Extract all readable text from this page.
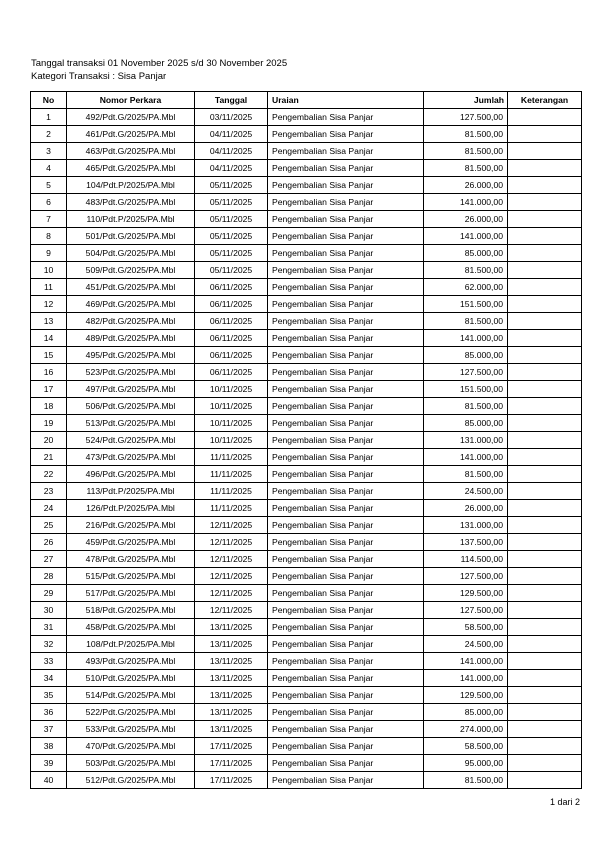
Tanggal transaksi 01 November 2025 s/d 30 November 2025
Kategori Transaksi : Sisa Panjar
No	Nomor Perkara	Tanggal	Uraian	Jumlah	Keterangan
1	492/Pdt.G/2025/PA.Mbl	03/11/2025	Pengembalian Sisa Panjar	127.500,00	
2	461/Pdt.G/2025/PA.Mbl	04/11/2025	Pengembalian Sisa Panjar	81.500,00	
3	463/Pdt.G/2025/PA.Mbl	04/11/2025	Pengembalian Sisa Panjar	81.500,00	
4	465/Pdt.G/2025/PA.Mbl	04/11/2025	Pengembalian Sisa Panjar	81.500,00	
5	104/Pdt.P/2025/PA.Mbl	05/11/2025	Pengembalian Sisa Panjar	26.000,00	
6	483/Pdt.G/2025/PA.Mbl	05/11/2025	Pengembalian Sisa Panjar	141.000,00	
7	110/Pdt.P/2025/PA.Mbl	05/11/2025	Pengembalian Sisa Panjar	26.000,00	
8	501/Pdt.G/2025/PA.Mbl	05/11/2025	Pengembalian Sisa Panjar	141.000,00	
9	504/Pdt.G/2025/PA.Mbl	05/11/2025	Pengembalian Sisa Panjar	85.000,00	
10	509/Pdt.G/2025/PA.Mbl	05/11/2025	Pengembalian Sisa Panjar	81.500,00	
11	451/Pdt.G/2025/PA.Mbl	06/11/2025	Pengembalian Sisa Panjar	62.000,00	
12	469/Pdt.G/2025/PA.Mbl	06/11/2025	Pengembalian Sisa Panjar	151.500,00	
13	482/Pdt.G/2025/PA.Mbl	06/11/2025	Pengembalian Sisa Panjar	81.500,00	
14	489/Pdt.G/2025/PA.Mbl	06/11/2025	Pengembalian Sisa Panjar	141.000,00	
15	495/Pdt.G/2025/PA.Mbl	06/11/2025	Pengembalian Sisa Panjar	85.000,00	
16	523/Pdt.G/2025/PA.Mbl	06/11/2025	Pengembalian Sisa Panjar	127.500,00	
17	497/Pdt.G/2025/PA.Mbl	10/11/2025	Pengembalian Sisa Panjar	151.500,00	
18	506/Pdt.G/2025/PA.Mbl	10/11/2025	Pengembalian Sisa Panjar	81.500,00	
19	513/Pdt.G/2025/PA.Mbl	10/11/2025	Pengembalian Sisa Panjar	85.000,00	
20	524/Pdt.G/2025/PA.Mbl	10/11/2025	Pengembalian Sisa Panjar	131.000,00	
21	473/Pdt.G/2025/PA.Mbl	11/11/2025	Pengembalian Sisa Panjar	141.000,00	
22	496/Pdt.G/2025/PA.Mbl	11/11/2025	Pengembalian Sisa Panjar	81.500,00	
23	113/Pdt.P/2025/PA.Mbl	11/11/2025	Pengembalian Sisa Panjar	24.500,00	
24	126/Pdt.P/2025/PA.Mbl	11/11/2025	Pengembalian Sisa Panjar	26.000,00	
25	216/Pdt.G/2025/PA.Mbl	12/11/2025	Pengembalian Sisa Panjar	131.000,00	
26	459/Pdt.G/2025/PA.Mbl	12/11/2025	Pengembalian Sisa Panjar	137.500,00	
27	478/Pdt.G/2025/PA.Mbl	12/11/2025	Pengembalian Sisa Panjar	114.500,00	
28	515/Pdt.G/2025/PA.Mbl	12/11/2025	Pengembalian Sisa Panjar	127.500,00	
29	517/Pdt.G/2025/PA.Mbl	12/11/2025	Pengembalian Sisa Panjar	129.500,00	
30	518/Pdt.G/2025/PA.Mbl	12/11/2025	Pengembalian Sisa Panjar	127.500,00	
31	458/Pdt.G/2025/PA.Mbl	13/11/2025	Pengembalian Sisa Panjar	58.500,00	
32	108/Pdt.P/2025/PA.Mbl	13/11/2025	Pengembalian Sisa Panjar	24.500,00	
33	493/Pdt.G/2025/PA.Mbl	13/11/2025	Pengembalian Sisa Panjar	141.000,00	
34	510/Pdt.G/2025/PA.Mbl	13/11/2025	Pengembalian Sisa Panjar	141.000,00	
35	514/Pdt.G/2025/PA.Mbl	13/11/2025	Pengembalian Sisa Panjar	129.500,00	
36	522/Pdt.G/2025/PA.Mbl	13/11/2025	Pengembalian Sisa Panjar	85.000,00	
37	533/Pdt.G/2025/PA.Mbl	13/11/2025	Pengembalian Sisa Panjar	274.000,00	
38	470/Pdt.G/2025/PA.Mbl	17/11/2025	Pengembalian Sisa Panjar	58.500,00	
39	503/Pdt.G/2025/PA.Mbl	17/11/2025	Pengembalian Sisa Panjar	95.000,00	
40	512/Pdt.G/2025/PA.Mbl	17/11/2025	Pengembalian Sisa Panjar	81.500,00	
1 dari 2
